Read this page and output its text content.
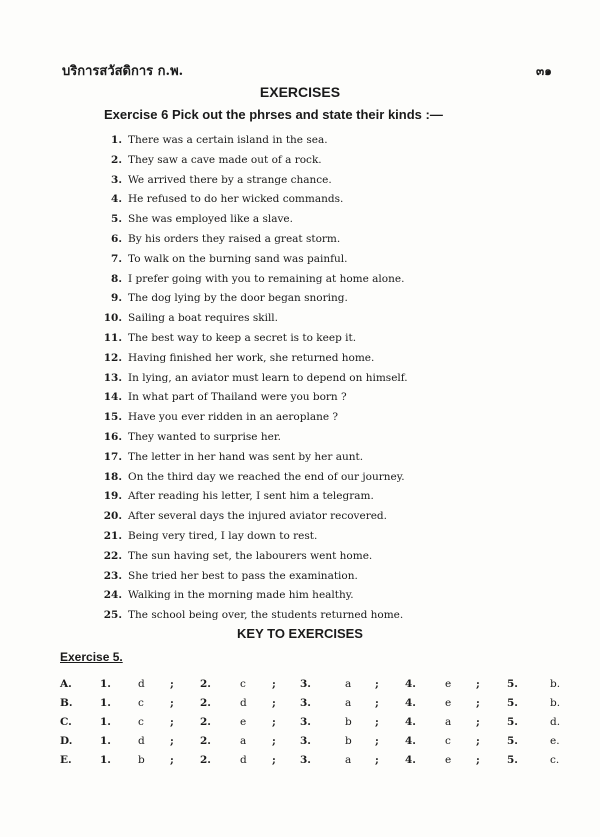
บริการสวัสดิการ ก.พ.	๓๑
EXERCISES
Exercise 6 Pick out the phrses and state their kinds :—
1. There was a certain island in the sea.
2. They saw a cave made out of a rock.
3. We arrived there by a strange chance.
4. He refused to do her wicked commands.
5. She was employed like a slave.
6. By his orders they raised a great storm.
7. To walk on the burning sand was painful.
8. I prefer going with you to remaining at home alone.
9. The dog lying by the door began snoring.
10. Sailing a boat requires skill.
11. The best way to keep a secret is to keep it.
12. Having finished her work, she returned home.
13. In lying, an aviator must learn to depend on himself.
14. In what part of Thailand were you born ?
15. Have you ever ridden in an aeroplane ?
16. They wanted to surprise her.
17. The letter in her hand was sent by her aunt.
18. On the third day we reached the end of our journey.
19. After reading his letter, I sent him a telegram.
20. After several days the injured aviator recovered.
21. Being very tired, I lay down to rest.
22. The sun having set, the labourers went home.
23. She tried her best to pass the examination.
24. Walking in the morning made him healthy.
25. The school being over, the students returned home.
KEY TO EXERCISES
Exercise 5.
A.	1.	d ; 2.	c ; 3.	a ; 4.	e ;	5.	b.
B.	1.	c ; 2.	d ; 3.	a ; 4.	e ;	5.	b.
C.	1.	c ; 2.	e ; 3.	b ; 4.	a ;	5.	d.
D.	1.	d ; 2.	a ; 3.	b ; 4.	c ;	5.	e.
E.	1.	b ; 2.	d ; 3.	a ; 4.	e ;	5.	c.
